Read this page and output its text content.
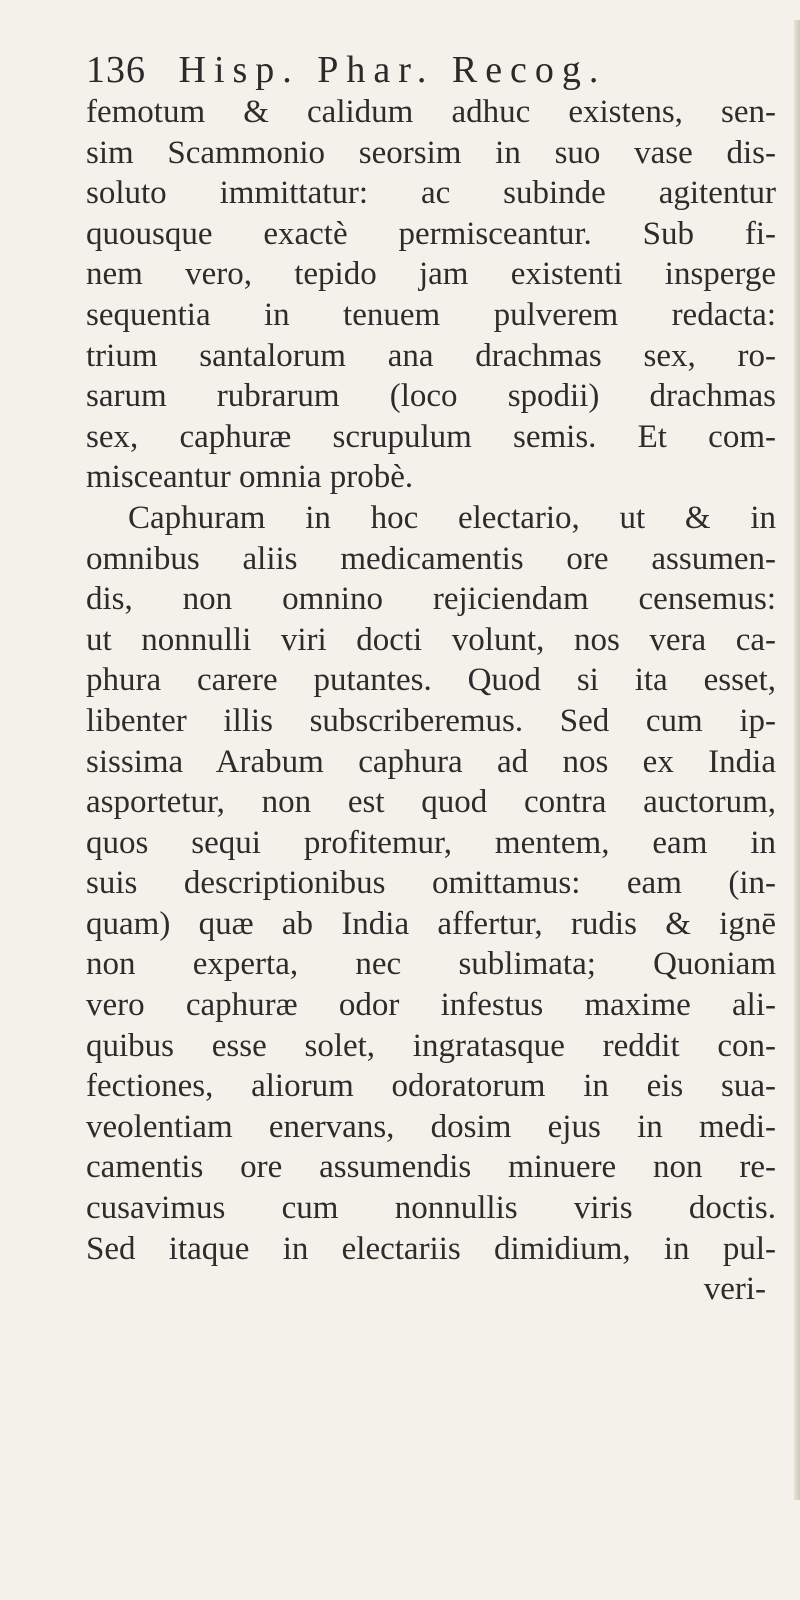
136 Hisp. Phar. Recog.
femotum & calidum adhuc existens, sen-
sim Scammonio seorsim in suo vase dis-
soluto immittatur: ac subinde agitentur
quousque exactè permisceantur. Sub fi-
nem vero, tepido jam existenti insperge
sequentia in tenuem pulverem redacta:
trium santalorum ana drachmas sex, ro-
sarum rubrarum (loco spodii) drachmas
sex, caphuræ scrupulum semis. Et com-
misceantur omnia probè.
Caphuram in hoc electario, ut & in
omnibus aliis medicamentis ore assumen-
dis, non omnino rejiciendam censemus:
ut nonnulli viri docti volunt, nos vera ca-
phura carere putantes. Quod si ita esset,
libenter illis subscriberemus. Sed cum ip-
sissima Arabum caphura ad nos ex India
asportetur, non est quod contra auctorum,
quos sequi profitemur, mentem, eam in
suis descriptionibus omittamus: eam (in-
quam) quæ ab India affertur, rudis & ignē
non experta, nec sublimata; Quoniam
vero caphuræ odor infestus maxime ali-
quibus esse solet, ingratasque reddit con-
fectiones, aliorum odoratorum in eis sua-
veolentiam enervans, dosim ejus in medi-
camentis ore assumendis minuere non re-
cusavimus cum nonnullis viris doctis.
Sed itaque in electariis dimidium, in pul-
veri-
